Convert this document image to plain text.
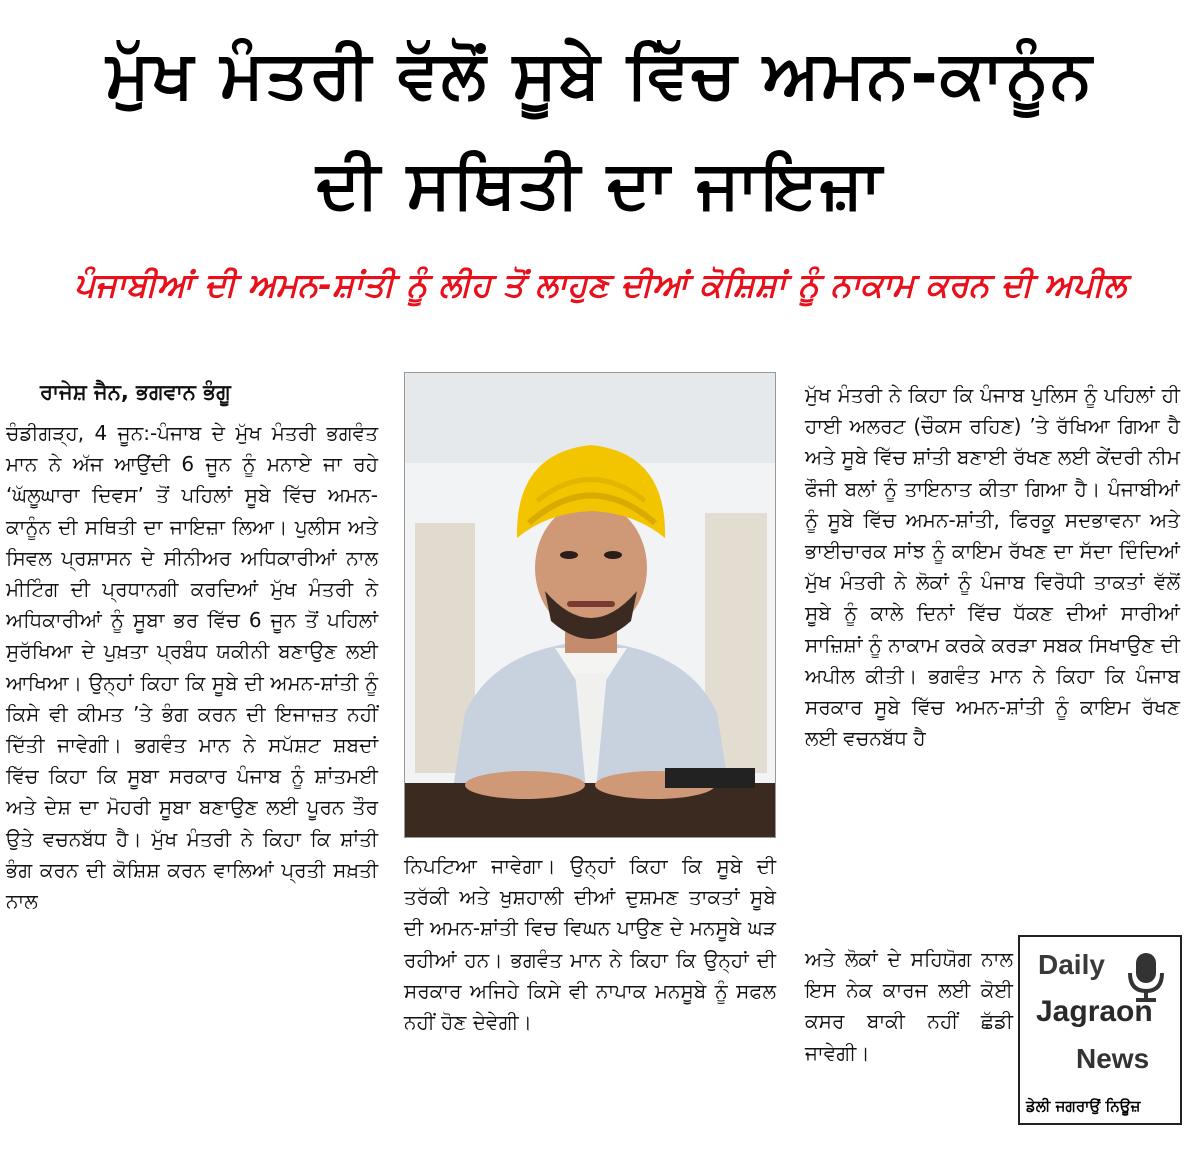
ਮੁੱਖ ਮੰਤਰੀ ਵੱਲੋਂ ਸੂਬੇ ਵਿੱਚ ਅਮਨ-ਕਾਨੂੰਨ
ਦੀ ਸਥਿਤੀ ਦਾ ਜਾਇਜ਼ਾ
ਪੰਜਾਬੀਆਂ ਦੀ ਅਮਨ-ਸ਼ਾਂਤੀ ਨੂੰ ਲੀਹ ਤੋਂ ਲਾਹੁਣ ਦੀਆਂ ਕੋਸ਼ਿਸ਼ਾਂ ਨੂੰ ਨਾਕਾਮ ਕਰਨ ਦੀ ਅਪੀਲ
ਰਾਜੇਸ਼ ਜੈਨ, ਭਗਵਾਨ ਭੰਗੂ

ਚੰਡੀਗੜ੍ਹ, 4 ਜੂਨ:-ਪੰਜਾਬ ਦੇ ਮੁੱਖ ਮੰਤਰੀ ਭਗਵੰਤ ਮਾਨ ਨੇ ਅੱਜ ਆਉਂਦੀ 6 ਜੂਨ ਨੂੰ ਮਨਾਏ ਜਾ ਰਹੇ ‘ਘੱਲੂਘਾਰਾ ਦਿਵਸ’ ਤੋਂ ਪਹਿਲਾਂ ਸੂਬੇ ਵਿੱਚ ਅਮਨ-ਕਾਨੂੰਨ ਦੀ ਸਥਿਤੀ ਦਾ ਜਾਇਜ਼ਾ ਲਿਆ। ਪੁਲੀਸ ਅਤੇ ਸਿਵਲ ਪ੍ਰਸ਼ਾਸਨ ਦੇ ਸੀਨੀਅਰ ਅਧਿਕਾਰੀਆਂ ਨਾਲ ਮੀਟਿੰਗ ਦੀ ਪ੍ਰਧਾਨਗੀ ਕਰਦਿਆਂ ਮੁੱਖ ਮੰਤਰੀ ਨੇ ਅਧਿਕਾਰੀਆਂ ਨੂੰ ਸੂਬਾ ਭਰ ਵਿੱਚ 6 ਜੂਨ ਤੋਂ ਪਹਿਲਾਂ ਸੁਰੱਖਿਆ ਦੇ ਪੁਖ਼ਤਾ ਪ੍ਰਬੰਧ ਯਕੀਨੀ ਬਣਾਉਣ ਲਈ ਆਖਿਆ। ਉਨ੍ਹਾਂ ਕਿਹਾ ਕਿ ਸੂਬੇ ਦੀ ਅਮਨ-ਸ਼ਾਂਤੀ ਨੂੰ ਕਿਸੇ ਵੀ ਕੀਮਤ ’ਤੇ ਭੰਗ ਕਰਨ ਦੀ ਇਜਾਜ਼ਤ ਨਹੀਂ ਦਿੱਤੀ ਜਾਵੇਗੀ। ਭਗਵੰਤ ਮਾਨ ਨੇ ਸਪੱਸ਼ਟ ਸ਼ਬਦਾਂ ਵਿੱਚ ਕਿਹਾ ਕਿ ਸੂਬਾ ਸਰਕਾਰ ਪੰਜਾਬ ਨੂੰ ਸ਼ਾਂਤਮਈ ਅਤੇ ਦੇਸ਼ ਦਾ ਮੋਹਰੀ ਸੂਬਾ ਬਣਾਉਣ ਲਈ ਪੂਰਨ ਤੌਰ ਉਤੇ ਵਚਨਬੱਧ ਹੈ। ਮੁੱਖ ਮੰਤਰੀ ਨੇ ਕਿਹਾ ਕਿ ਸ਼ਾਂਤੀ ਭੰਗ ਕਰਨ ਦੀ ਕੋਸ਼ਿਸ਼ ਕਰਨ ਵਾਲਿਆਂ ਪ੍ਰਤੀ ਸਖ਼ਤੀ ਨਾਲ

ਨਿਪਟਿਆ ਜਾਵੇਗਾ। ਉਨ੍ਹਾਂ ਕਿਹਾ ਕਿ ਸੂਬੇ ਦੀ ਤਰੱਕੀ ਅਤੇ ਖੁਸ਼ਹਾਲੀ ਦੀਆਂ ਦੁਸ਼ਮਣ ਤਾਕਤਾਂ ਸੂਬੇ ਦੀ ਅਮਨ-ਸ਼ਾਂਤੀ ਵਿਚ ਵਿਘਨ ਪਾਉਣ ਦੇ ਮਨਸੂਬੇ ਘੜ ਰਹੀਆਂ ਹਨ। ਭਗਵੰਤ ਮਾਨ ਨੇ ਕਿਹਾ ਕਿ ਉਨ੍ਹਾਂ ਦੀ ਸਰਕਾਰ ਅਜਿਹੇ ਕਿਸੇ ਵੀ ਨਾਪਾਕ ਮਨਸੂਬੇ ਨੂੰ ਸਫਲ ਨਹੀਂ ਹੋਣ ਦੇਵੇਗੀ।

ਮੁੱਖ ਮੰਤਰੀ ਨੇ ਕਿਹਾ ਕਿ ਪੰਜਾਬ ਪੁਲਿਸ ਨੂੰ ਪਹਿਲਾਂ ਹੀ ਹਾਈ ਅਲਰਟ (ਚੌਕਸ ਰਹਿਣ) ’ਤੇ ਰੱਖਿਆ ਗਿਆ ਹੈ ਅਤੇ ਸੂਬੇ ਵਿੱਚ ਸ਼ਾਂਤੀ ਬਣਾਈ ਰੱਖਣ ਲਈ ਕੇਂਦਰੀ ਨੀਮ ਫੌਜੀ ਬਲਾਂ ਨੂੰ ਤਾਇਨਾਤ ਕੀਤਾ ਗਿਆ ਹੈ। ਪੰਜਾਬੀਆਂ ਨੂੰ ਸੂਬੇ ਵਿੱਚ ਅਮਨ-ਸ਼ਾਂਤੀ, ਫਿਰਕੂ ਸਦਭਾਵਨਾ ਅਤੇ ਭਾਈਚਾਰਕ ਸਾਂਝ ਨੂੰ ਕਾਇਮ ਰੱਖਣ ਦਾ ਸੱਦਾ ਦਿੰਦਿਆਂ ਮੁੱਖ ਮੰਤਰੀ ਨੇ ਲੋਕਾਂ ਨੂੰ ਪੰਜਾਬ ਵਿਰੋਧੀ ਤਾਕਤਾਂ ਵੱਲੋਂ ਸੂਬੇ ਨੂੰ ਕਾਲੇ ਦਿਨਾਂ ਵਿੱਚ ਧੱਕਣ ਦੀਆਂ ਸਾਰੀਆਂ ਸਾਜ਼ਿਸ਼ਾਂ ਨੂੰ ਨਾਕਾਮ ਕਰਕੇ ਕਰੜਾ ਸਬਕ ਸਿਖਾਉਣ ਦੀ ਅਪੀਲ ਕੀਤੀ। ਭਗਵੰਤ ਮਾਨ ਨੇ ਕਿਹਾ ਕਿ ਪੰਜਾਬ ਸਰਕਾਰ ਸੂਬੇ ਵਿੱਚ ਅਮਨ-ਸ਼ਾਂਤੀ ਨੂੰ ਕਾਇਮ ਰੱਖਣ ਲਈ ਵਚਨਬੱਧ ਹੈ

ਅਤੇ ਲੋਕਾਂ ਦੇ ਸਹਿਯੋਗ ਨਾਲ ਇਸ ਨੇਕ ਕਾਰਜ ਲਈ ਕੋਈ ਕਸਰ ਬਾਕੀ ਨਹੀਂ ਛੱਡੀ ਜਾਵੇਗੀ।

Daily
Jagraon
News
ਡੇਲੀ ਜਗਰਾਉਂ ਨਿਊਜ਼
